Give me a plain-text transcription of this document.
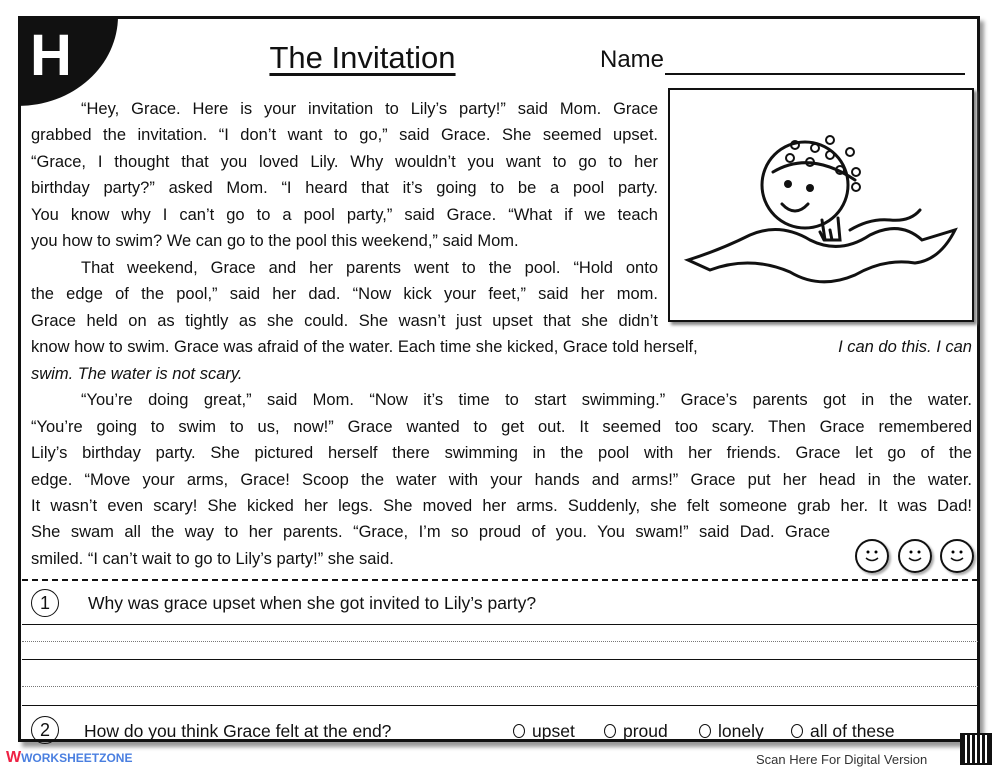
H	The Invitation	Name
“Hey, Grace. Here is your invitation to Lily’s party!” said Mom. Grace
grabbed the invitation. “I don’t want to go,” said Grace. She seemed upset.
“Grace, I thought that you loved Lily. Why wouldn’t you want to go to her
birthday party?” asked Mom. “I heard that it’s going to be a pool party.
You know why I can’t go to a pool party,” said Grace. “What if we teach
you how to swim? We can go to the pool this weekend,” said Mom.
That weekend, Grace and her parents went to the pool. “Hold onto
the edge of the pool,” said her dad. “Now kick your feet,” said her mom.
Grace held on as tightly as she could. She wasn’t just upset that she didn’t
know how to swim. Grace was afraid of the water. Each time she kicked, Grace told herself,	I can do this. I can
swim. The water is not scary.
“You’re doing great,” said Mom. “Now it’s time to start swimming.” Grace’s parents got in the water.
“You’re going to swim to us, now!” Grace wanted to get out. It seemed too scary. Then Grace remembered
Lily’s birthday party. She pictured herself there swimming in the pool with her friends. Grace let go of the
edge. “Move your arms, Grace! Scoop the water with your hands and arms!” Grace put her head in the water.
It wasn’t even scary! She kicked her legs. She moved her arms. Suddenly, she felt someone grab her. It was Dad!
She swam all the way to her parents. “Grace, I’m so proud of you. You swam!” said Dad. Grace
smiled. “I can’t wait to go to Lily’s party!” she said.
1	Why was grace upset when she got invited to Lily’s party?
2	How do you think Grace felt at the end?	upset	proud	lonely	all of these
WWORKSHEETZONE	Scan Here For Digital Version
